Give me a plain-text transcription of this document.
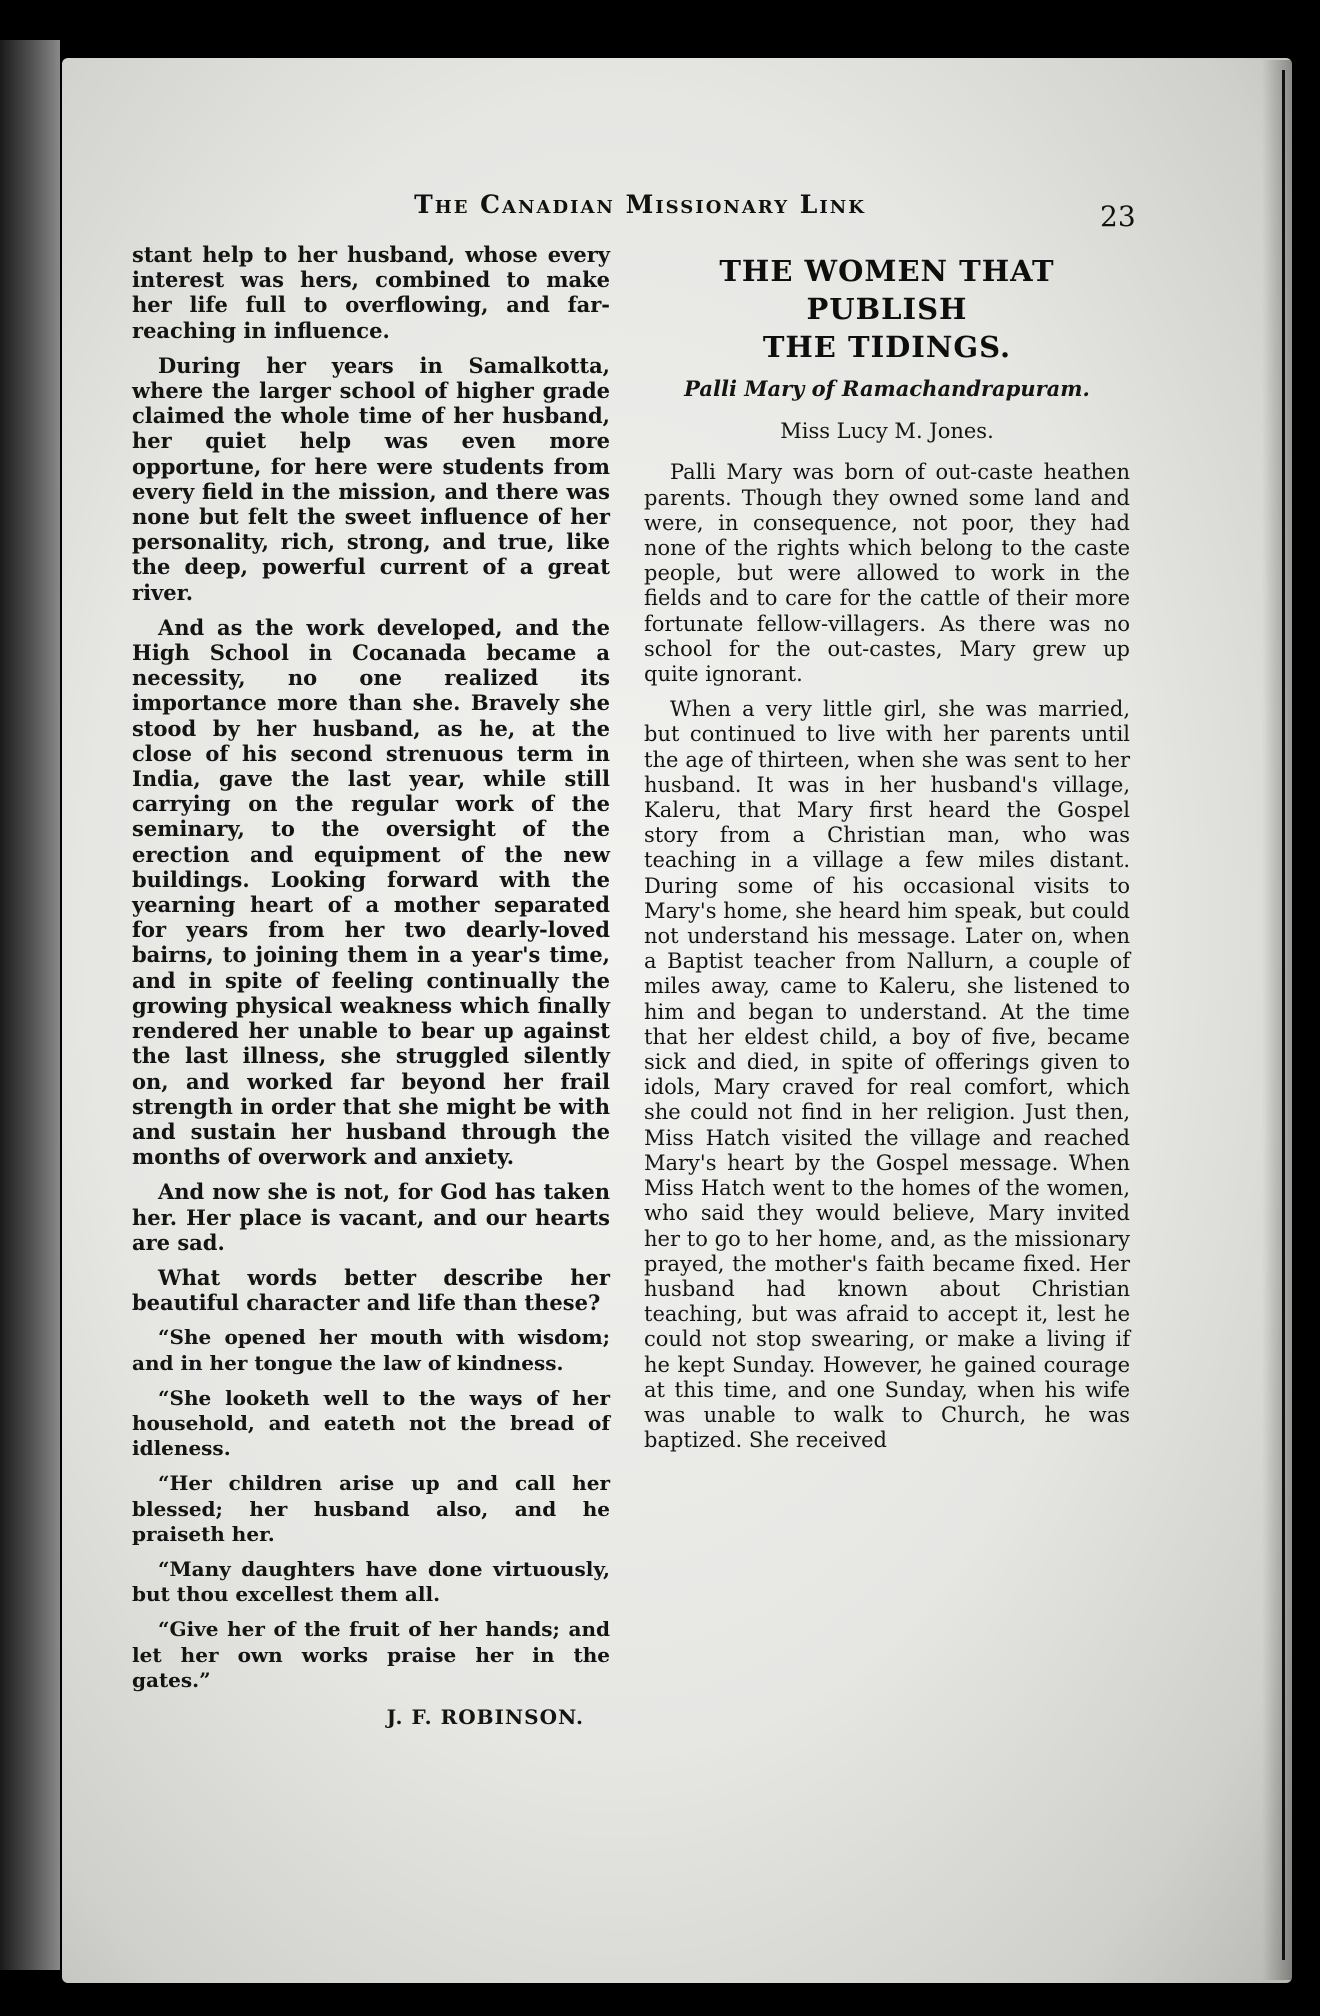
The Canadian Missionary Link	23

stant help to her husband, whose every interest was hers, combined to make her life full to overflowing, and far-reaching in influence.

During her years in Samalkotta, where the larger school of higher grade claimed the whole time of her husband, her quiet help was even more opportune, for here were students from every field in the mission, and there was none but felt the sweet influence of her personality, rich, strong, and true, like the deep, powerful current of a great river.

And as the work developed, and the High School in Cocanada became a necessity, no one realized its importance more than she. Bravely she stood by her husband, as he, at the close of his second strenuous term in India, gave the last year, while still carrying on the regular work of the seminary, to the oversight of the erection and equipment of the new buildings. Looking forward with the yearning heart of a mother separated for years from her two dearly-loved bairns, to joining them in a year's time, and in spite of feeling continually the growing physical weakness which finally rendered her unable to bear up against the last illness, she struggled silently on, and worked far beyond her frail strength in order that she might be with and sustain her husband through the months of overwork and anxiety.

And now she is not, for God has taken her. Her place is vacant, and our hearts are sad.

What words better describe her beautiful character and life than these?

“She opened her mouth with wisdom; and in her tongue the law of kindness.

“She looketh well to the ways of her household, and eateth not the bread of idleness.

“Her children arise up and call her blessed; her husband also, and he praiseth her.

“Many daughters have done virtuously, but thou excellest them all.

“Give her of the fruit of her hands; and let her own works praise her in the gates.”

J. F. ROBINSON.
THE WOMEN THAT PUBLISH
THE TIDINGS.
Palli Mary of Ramachandrapuram.
Miss Lucy M. Jones.

Palli Mary was born of out-caste heathen parents. Though they owned some land and were, in consequence, not poor, they had none of the rights which belong to the caste people, but were allowed to work in the fields and to care for the cattle of their more fortunate fellow-villagers. As there was no school for the out-castes, Mary grew up quite ignorant.

When a very little girl, she was married, but continued to live with her parents until the age of thirteen, when she was sent to her husband. It was in her husband's village, Kaleru, that Mary first heard the Gospel story from a Christian man, who was teaching in a village a few miles distant. During some of his occasional visits to Mary's home, she heard him speak, but could not understand his message. Later on, when a Baptist teacher from Nallurn, a couple of miles away, came to Kaleru, she listened to him and began to understand. At the time that her eldest child, a boy of five, became sick and died, in spite of offerings given to idols, Mary craved for real comfort, which she could not find in her religion. Just then, Miss Hatch visited the village and reached Mary's heart by the Gospel message. When Miss Hatch went to the homes of the women, who said they would believe, Mary invited her to go to her home, and, as the missionary prayed, the mother's faith became fixed. Her husband had known about Christian teaching, but was afraid to accept it, lest he could not stop swearing, or make a living if he kept Sunday. However, he gained courage at this time, and one Sunday, when his wife was unable to walk to Church, he was baptized. She received
